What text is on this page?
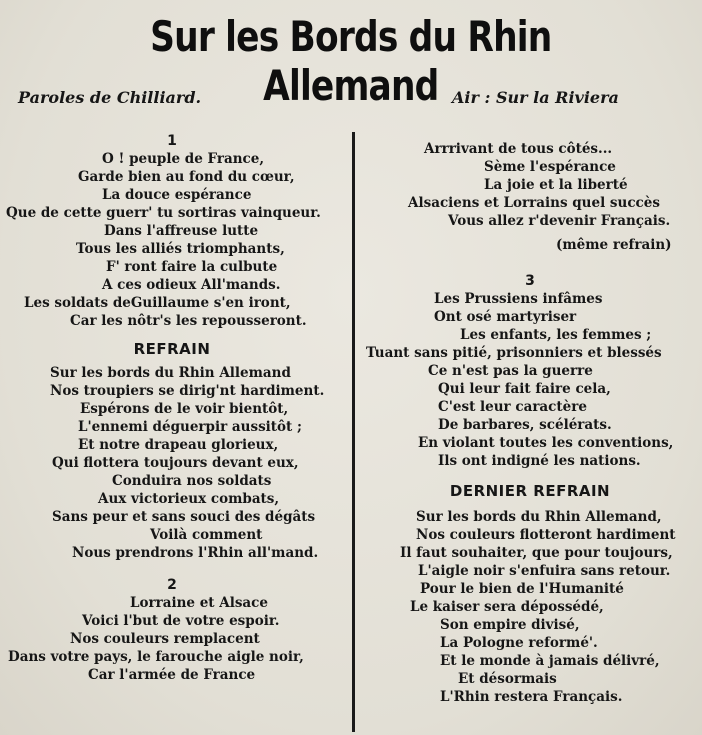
Sur les Bords du Rhin Allemand
Paroles de Chilliard.	Air : Sur la Riviera
1
O ! peuple de France,
Garde bien au fond du cœur,
La douce espérance
Que de cette guerr' tu sortiras vainqueur.
Dans l'affreuse lutte
Tous les alliés triomphants,
F' ront faire la culbute
A ces odieux All'mands.
Les soldats deGuillaume s'en iront,
Car les nôtr's les repousseront.
REFRAIN
Sur les bords du Rhin Allemand
Nos troupiers se dirig'nt hardiment.
Espérons de le voir bientôt,
L'ennemi déguerpir aussitôt ;
Et notre drapeau glorieux,
Qui flottera toujours devant eux,
Conduira nos soldats
Aux victorieux combats,
Sans peur et sans souci des dégâts
Voilà comment
Nous prendrons l'Rhin all'mand.
2
Lorraine et Alsace
Voici l'but de votre espoir.
Nos couleurs remplacent
Dans votre pays, le farouche aigle noir,
Car l'armée de France
Arrrivant de tous côtés...
Sème l'espérance
La joie et la liberté
Alsaciens et Lorrains quel succès
Vous allez r'devenir Français.
(même refrain)
3
Les Prussiens infâmes
Ont osé martyriser
Les enfants, les femmes ;
Tuant sans pitié, prisonniers et blessés
Ce n'est pas la guerre
Qui leur fait faire cela,
C'est leur caractère
De barbares, scélérats.
En violant toutes les conventions,
Ils ont indigné les nations.
DERNIER REFRAIN
Sur les bords du Rhin Allemand,
Nos couleurs flotteront hardiment
Il faut souhaiter, que pour toujours,
L'aigle noir s'enfuira sans retour.
Pour le bien de l'Humanité
Le kaiser sera dépossédé,
Son empire divisé,
La Pologne reformé'.
Et le monde à jamais délivré,
Et désormais
L'Rhin restera Français.
